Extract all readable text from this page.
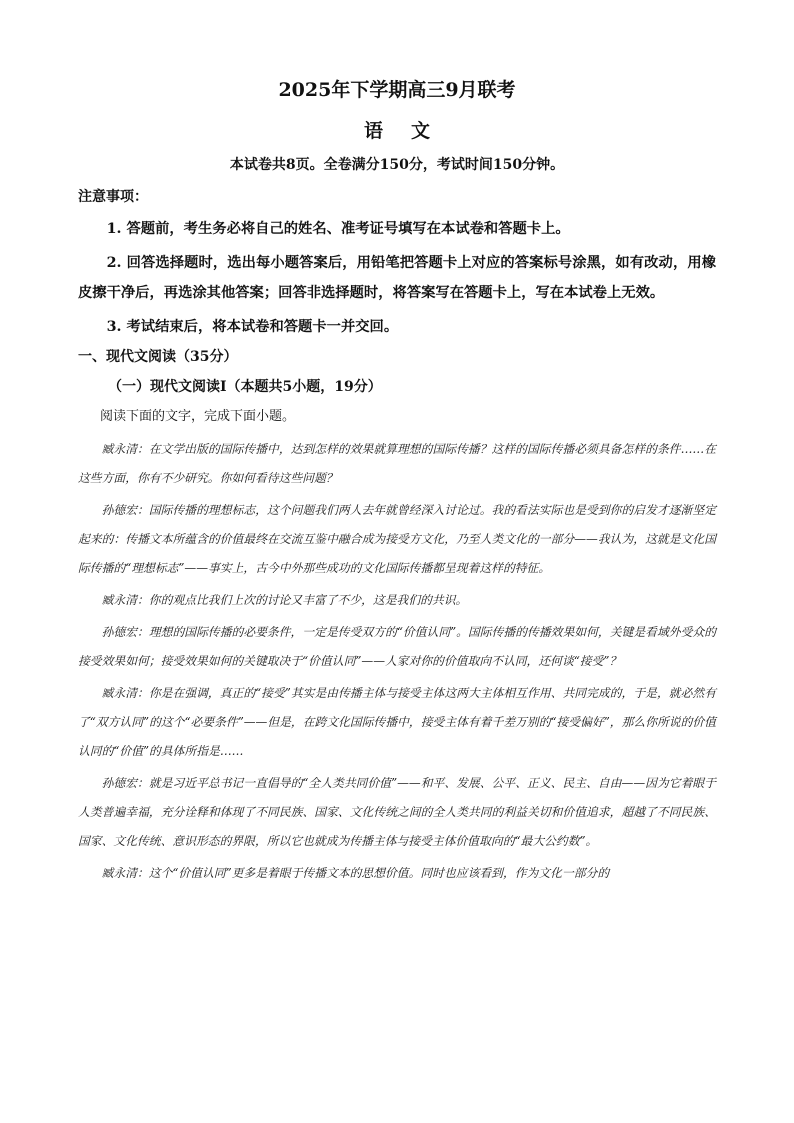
2025年下学期高三9月联考
语文
本试卷共8页。全卷满分150分，考试时间150分钟。
注意事项：

1. 答题前，考生务必将自己的姓名、准考证号填写在本试卷和答题卡上。

2. 回答选择题时，选出每小题答案后，用铅笔把答题卡上对应的答案标号涂黑，如有改动，用橡皮擦干净后，再选涂其他答案；回答非选择题时，将答案写在答题卡上，写在本试卷上无效。

3. 考试结束后，将本试卷和答题卡一并交回。

一、现代文阅读（35分）
（一）现代文阅读Ⅰ（本题共5小题，19分）
阅读下面的文字，完成下面小题。

臧永清：在文学出版的国际传播中，达到怎样的效果就算理想的国际传播？这样的国际传播必须具备怎样的条件……在这些方面，你有不少研究。你如何看待这些问题？

孙德宏：国际传播的理想标志，这个问题我们两人去年就曾经深入讨论过。我的看法实际也是受到你的启发才逐渐坚定起来的：传播文本所蕴含的价值最终在交流互鉴中融合成为接受方文化，乃至人类文化的一部分——我认为，这就是文化国际传播的“理想标志”——事实上，古今中外那些成功的文化国际传播都呈现着这样的特征。

臧永清：你的观点比我们上次的讨论又丰富了不少，这是我们的共识。

孙德宏：理想的国际传播的必要条件，一定是传受双方的“价值认同”。国际传播的传播效果如何，关键是看域外受众的接受效果如何；接受效果如何的关键取决于“价值认同”——人家对你的价值取向不认同，还何谈“接受”？

臧永清：你是在强调，真正的“接受”其实是由传播主体与接受主体这两大主体相互作用、共同完成的，于是，就必然有了“双方认同”的这个“必要条件”——但是，在跨文化国际传播中，接受主体有着千差万别的“接受偏好”，那么你所说的价值认同的“价值”的具体所指是……

孙德宏：就是习近平总书记一直倡导的“全人类共同价值”——和平、发展、公平、正义、民主、自由——因为它着眼于人类普遍幸福，充分诠释和体现了不同民族、国家、文化传统之间的全人类共同的利益关切和价值追求，超越了不同民族、国家、文化传统、意识形态的界限，所以它也就成为传播主体与接受主体价值取向的“最大公约数”。

臧永清：这个“价值认同”更多是着眼于传播文本的思想价值。同时也应该看到，作为文化一部分的
